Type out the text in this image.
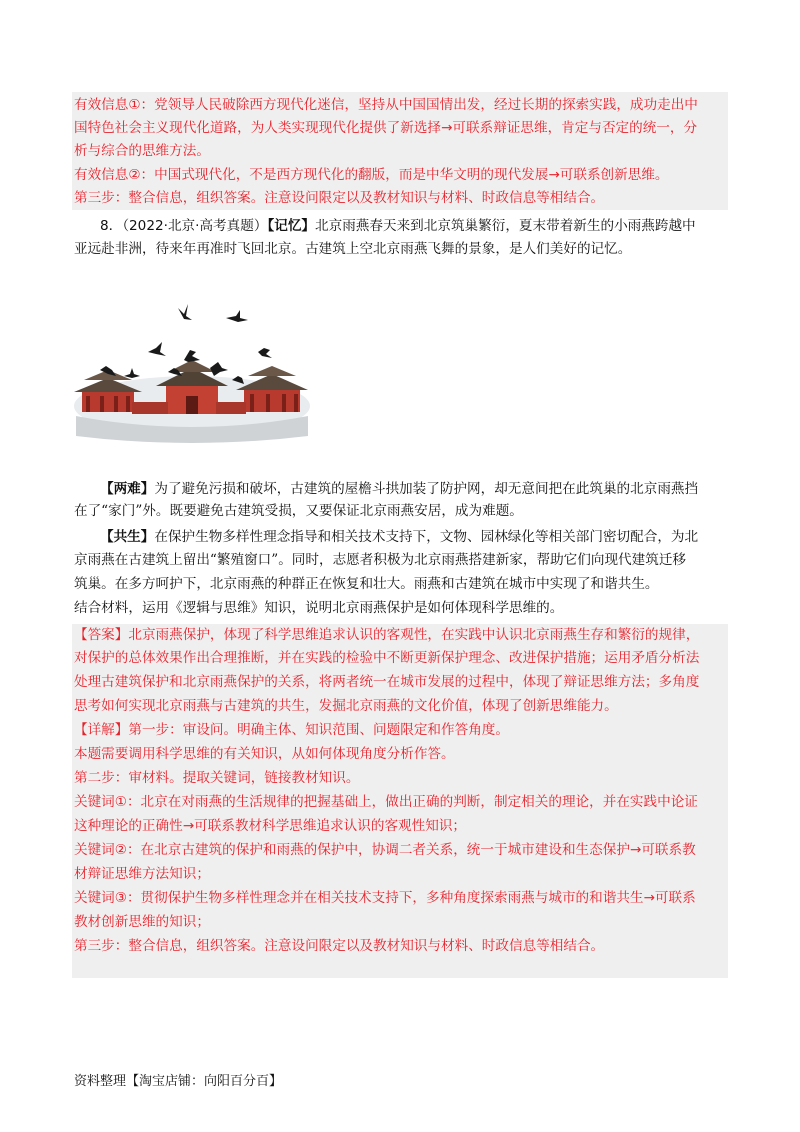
有效信息①：党领导人民破除西方现代化迷信，坚持从中国国情出发，经过长期的探索实践，成功走出中
国特色社会主义现代化道路，为人类实现现代化提供了新选择→可联系辩证思维，肯定与否定的统一，分
析与综合的思维方法。
有效信息②：中国式现代化，不是西方现代化的翻版，而是中华文明的现代发展→可联系创新思维。
第三步：整合信息，组织答案。注意设问限定以及教材知识与材料、时政信息等相结合。
8．（2022·北京·高考真题）【记忆】北京雨燕春天来到北京筑巢繁衍，夏末带着新生的小雨燕跨越中
亚远赴非洲，待来年再准时飞回北京。古建筑上空北京雨燕飞舞的景象，是人们美好的记忆。
【两难】为了避免污损和破坏，古建筑的屋檐斗拱加装了防护网，却无意间把在此筑巢的北京雨燕挡
在了“家门”外。既要避免古建筑受损，又要保证北京雨燕安居，成为难题。
【共生】在保护生物多样性理念指导和相关技术支持下，文物、园林绿化等相关部门密切配合，为北
京雨燕在古建筑上留出“繁殖窗口”。同时，志愿者积极为北京雨燕搭建新家，帮助它们向现代建筑迁移
筑巢。在多方呵护下，北京雨燕的种群正在恢复和壮大。雨燕和古建筑在城市中实现了和谐共生。
结合材料，运用《逻辑与思维》知识，说明北京雨燕保护是如何体现科学思维的。
【答案】北京雨燕保护，体现了科学思维追求认识的客观性，在实践中认识北京雨燕生存和繁衍的规律，
对保护的总体效果作出合理推断，并在实践的检验中不断更新保护理念、改进保护措施；运用矛盾分析法
处理古建筑保护和北京雨燕保护的关系，将两者统一在城市发展的过程中，体现了辩证思维方法；多角度
思考如何实现北京雨燕与古建筑的共生，发掘北京雨燕的文化价值，体现了创新思维能力。
【详解】第一步：审设问。明确主体、知识范围、问题限定和作答角度。
本题需要调用科学思维的有关知识，从如何体现角度分析作答。
第二步：审材料。提取关键词，链接教材知识。
关键词①：北京在对雨燕的生活规律的把握基础上，做出正确的判断，制定相关的理论，并在实践中论证
这种理论的正确性→可联系教材科学思维追求认识的客观性知识；
关键词②：在北京古建筑的保护和雨燕的保护中，协调二者关系，统一于城市建设和生态保护→可联系教
材辩证思维方法知识；
关键词③：贯彻保护生物多样性理念并在相关技术支持下，多种角度探索雨燕与城市的和谐共生→可联系
教材创新思维的知识；
第三步：整合信息，组织答案。注意设问限定以及教材知识与材料、时政信息等相结合。
资料整理【淘宝店铺：向阳百分百】
